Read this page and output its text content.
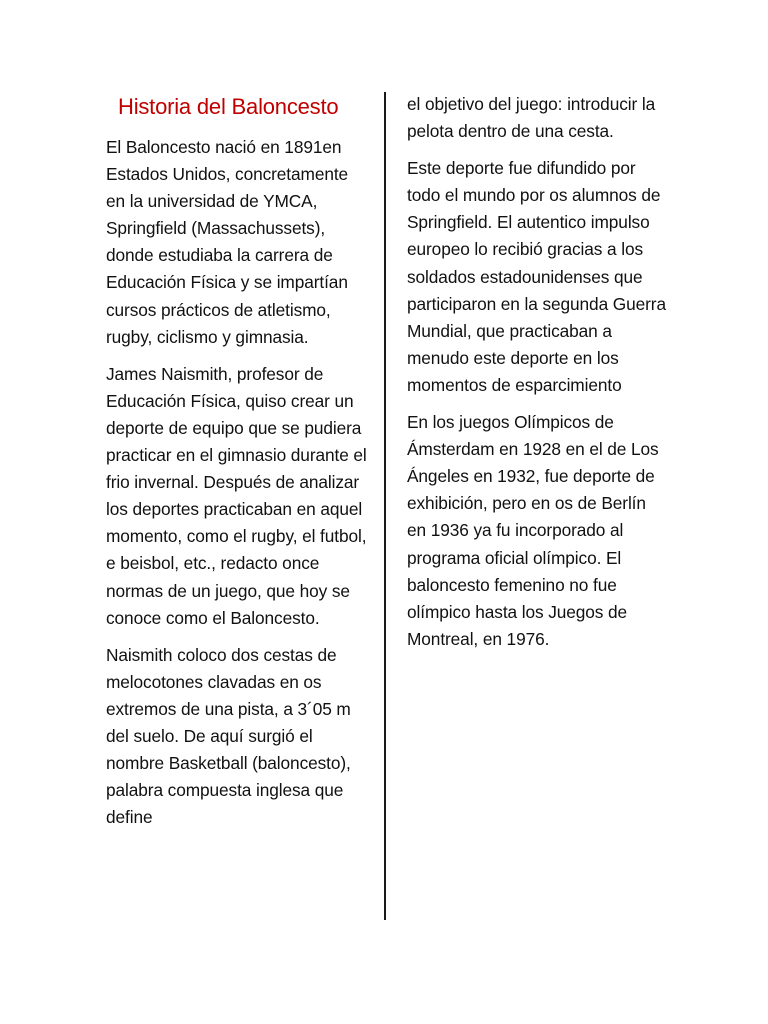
Historia del Baloncesto

El Baloncesto nació en 1891en Estados Unidos, concretamente en la universidad de YMCA, Springfield (Massachussets), donde estudiaba la carrera de Educación Física y se impartían cursos prácticos de atletismo, rugby, ciclismo y gimnasia.

James Naismith, profesor de Educación Física, quiso crear un deporte de equipo que se pudiera practicar en el gimnasio durante el frio invernal. Después de analizar los deportes practicaban en aquel momento, como el rugby, el futbol, e beisbol, etc., redacto once normas de un juego, que hoy se conoce como el Baloncesto.

Naismith coloco dos cestas de melocotones clavadas en os extremos de una pista, a 3´05 m del suelo. De aquí surgió el nombre Basketball (baloncesto), palabra compuesta inglesa que define

el objetivo del juego: introducir la pelota dentro de una cesta.

Este deporte fue difundido por todo el mundo por os alumnos de Springfield. El autentico impulso europeo lo recibió gracias a los soldados estadounidenses que participaron en la segunda Guerra Mundial, que practicaban a menudo este deporte en los momentos de esparcimiento

En los juegos Olímpicos de Ámsterdam en 1928 en el de Los Ángeles en 1932, fue deporte de exhibición, pero en os de Berlín en 1936 ya fu incorporado al programa oficial olímpico. El baloncesto femenino no fue olímpico hasta los Juegos de Montreal, en 1976.
